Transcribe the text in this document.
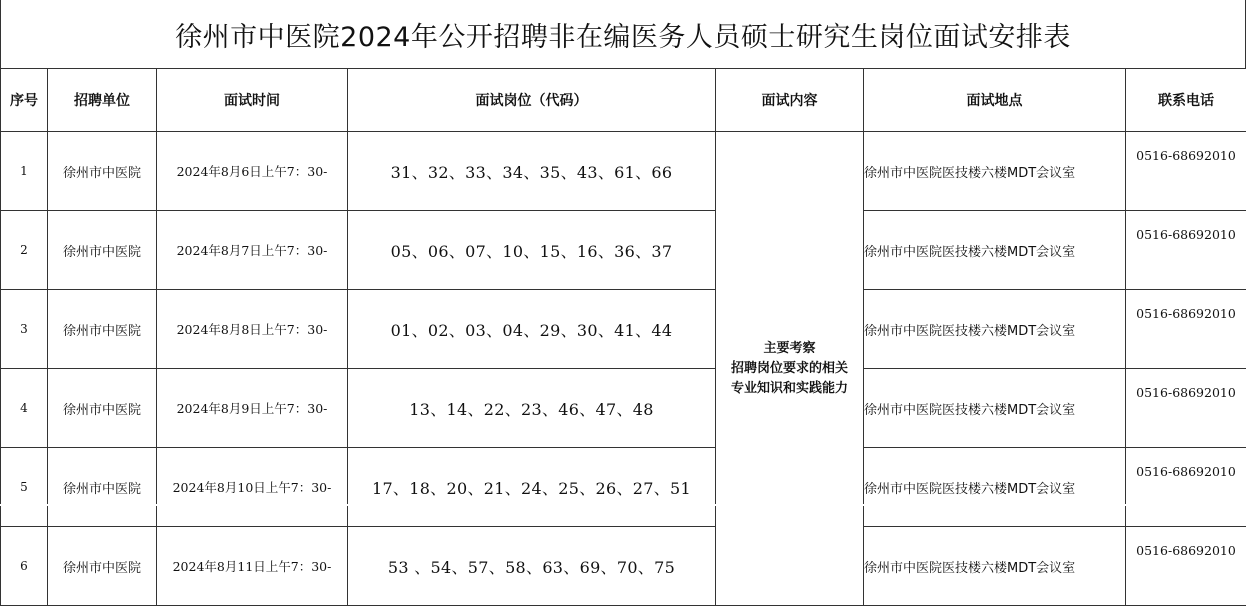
徐州市中医院2024年公开招聘非在编医务人员硕士研究生岗位面试安排表
序号	招聘单位	面试时间	面试岗位（代码）	面试内容	面试地点	联系电话
1	徐州市中医院	2024年8月6日上午7：30-	31、32、33、34、35、43、61、66	主要考察
招聘岗位要求的相关
专业知识和实践能力	徐州市中医院医技楼六楼MDT会议室	0516-68692010
2	徐州市中医院	2024年8月7日上午7：30-	05、06、07、10、15、16、36、37		徐州市中医院医技楼六楼MDT会议室	0516-68692010
3	徐州市中医院	2024年8月8日上午7：30-	01、02、03、04、29、30、41、44		徐州市中医院医技楼六楼MDT会议室	0516-68692010
4	徐州市中医院	2024年8月9日上午7：30-	13、14、22、23、46、47、48		徐州市中医院医技楼六楼MDT会议室	0516-68692010
5	徐州市中医院	2024年8月10日上午7：30-	17、18、20、21、24、25、26、27、51		徐州市中医院医技楼六楼MDT会议室	0516-68692010
6	徐州市中医院	2024年8月11日上午7：30-	53 、54、57、58、63、69、70、75		徐州市中医院医技楼六楼MDT会议室	0516-68692010
